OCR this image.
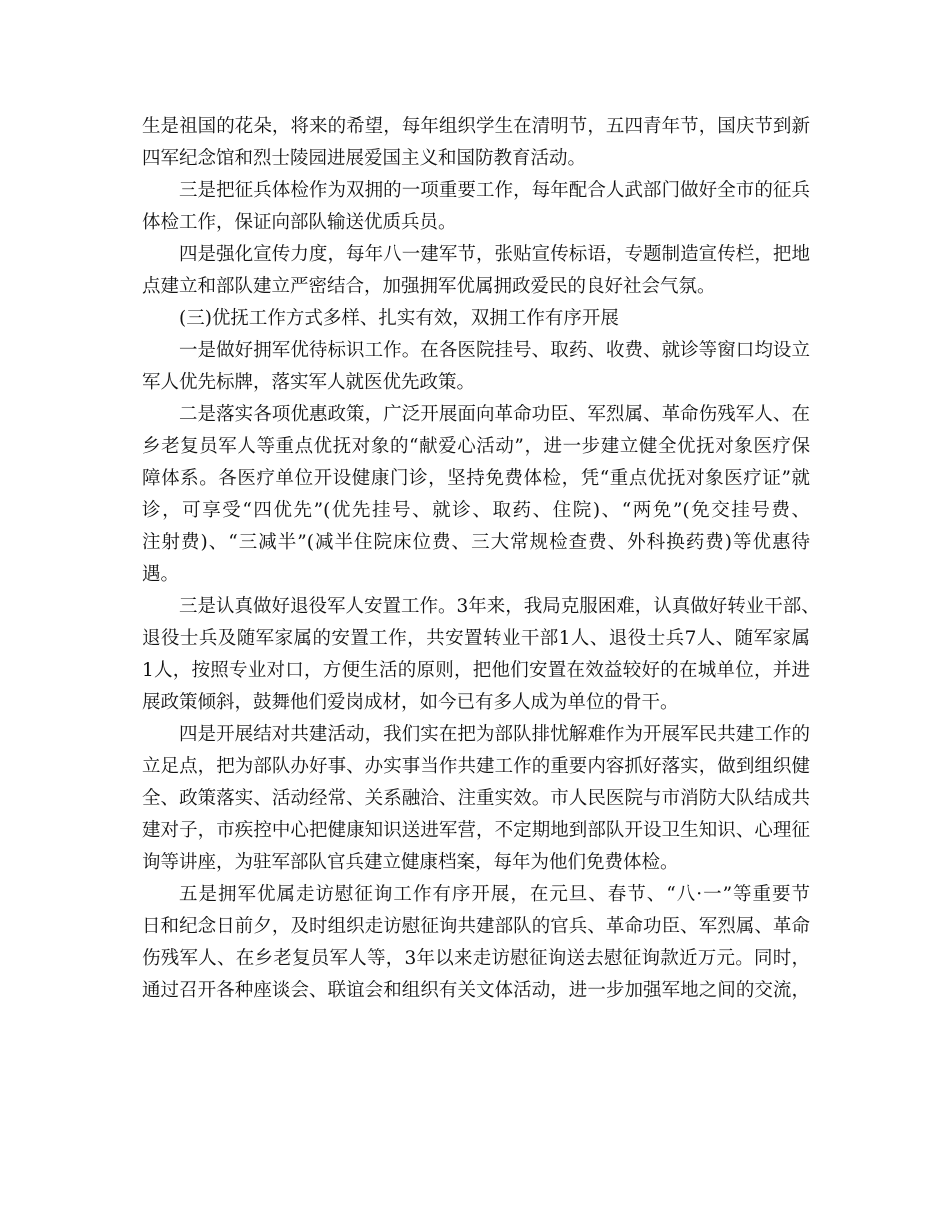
生是祖国的花朵，将来的希望，每年组织学生在清明节，五四青年节，国庆节到新
四军纪念馆和烈士陵园进展爱国主义和国防教育活动。
三是把征兵体检作为双拥的一项重要工作，每年配合人武部门做好全市的征兵
体检工作，保证向部队输送优质兵员。
四是强化宣传力度，每年八一建军节，张贴宣传标语，专题制造宣传栏，把地
点建立和部队建立严密结合，加强拥军优属拥政爱民的良好社会气氛。
(三)优抚工作方式多样、扎实有效，双拥工作有序开展
一是做好拥军优待标识工作。在各医院挂号、取药、收费、就诊等窗口均设立
军人优先标牌，落实军人就医优先政策。
二是落实各项优惠政策，广泛开展面向革命功臣、军烈属、革命伤残军人、在
乡老复员军人等重点优抚对象的“献爱心活动”，进一步建立健全优抚对象医疗保
障体系。各医疗单位开设健康门诊，坚持免费体检，凭“重点优抚对象医疗证”就
诊，可享受“四优先”(优先挂号、就诊、取药、住院)、“两免”(免交挂号费、
注射费)、“三减半”(减半住院床位费、三大常规检查费、外科换药费)等优惠待
遇。
三是认真做好退役军人安置工作。3年来，我局克服困难，认真做好转业干部、
退役士兵及随军家属的安置工作，共安置转业干部1人、退役士兵7人、随军家属
1人，按照专业对口，方便生活的原则，把他们安置在效益较好的在城单位，并进
展政策倾斜，鼓舞他们爱岗成材，如今已有多人成为单位的骨干。
四是开展结对共建活动，我们实在把为部队排忧解难作为开展军民共建工作的
立足点，把为部队办好事、办实事当作共建工作的重要内容抓好落实，做到组织健
全、政策落实、活动经常、关系融洽、注重实效。市人民医院与市消防大队结成共
建对子，市疾控中心把健康知识送进军营，不定期地到部队开设卫生知识、心理征
询等讲座，为驻军部队官兵建立健康档案，每年为他们免费体检。
五是拥军优属走访慰征询工作有序开展，在元旦、春节、“八·一”等重要节
日和纪念日前夕，及时组织走访慰征询共建部队的官兵、革命功臣、军烈属、革命
伤残军人、在乡老复员军人等，3年以来走访慰征询送去慰征询款近万元。同时，
通过召开各种座谈会、联谊会和组织有关文体活动，进一步加强军地之间的交流，
